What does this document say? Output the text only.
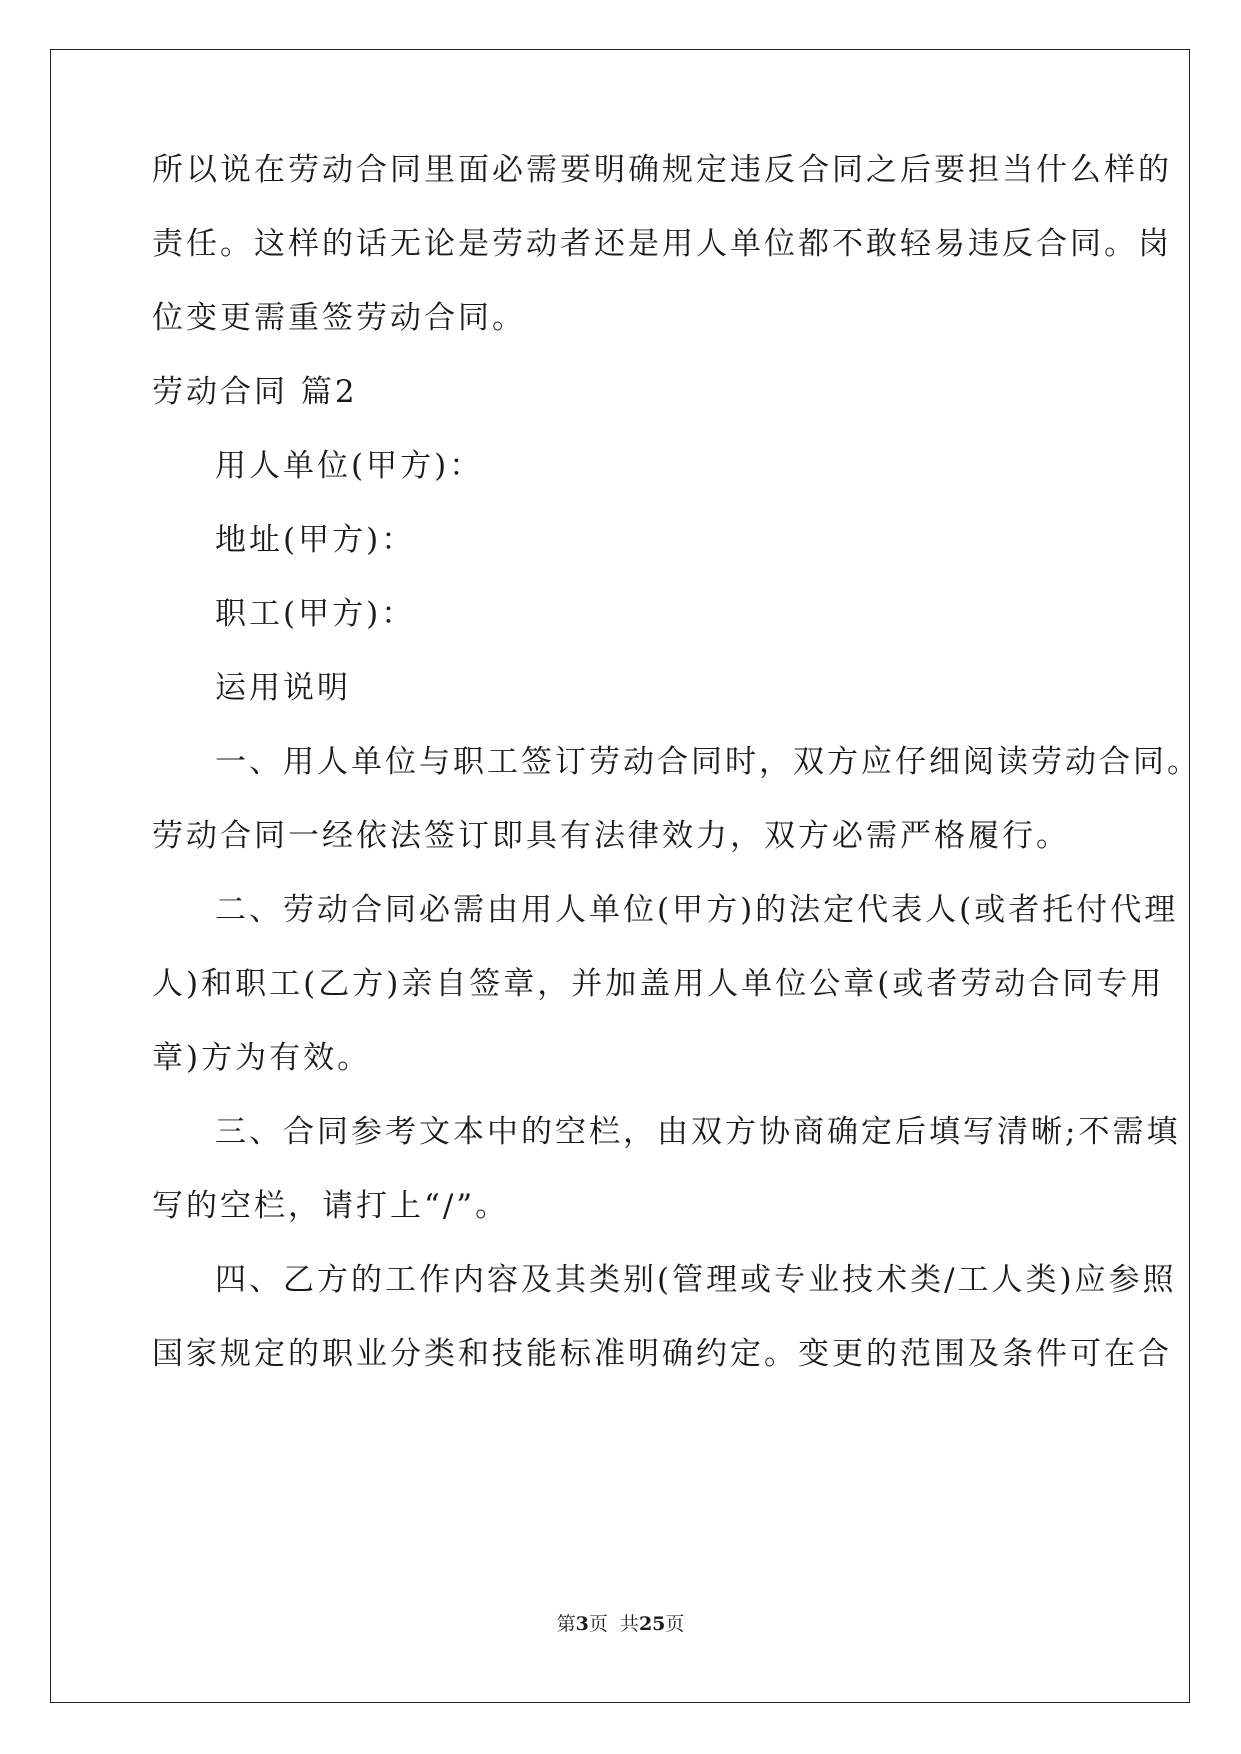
所以说在劳动合同里面必需要明确规定违反合同之后要担当什么样的
责任。这样的话无论是劳动者还是用人单位都不敢轻易违反合同。岗
位变更需重签劳动合同。
劳动合同 篇2
用人单位(甲方)：
地址(甲方)：
职工(甲方)：
运用说明
一、用人单位与职工签订劳动合同时，双方应仔细阅读劳动合同。
劳动合同一经依法签订即具有法律效力，双方必需严格履行。
二、劳动合同必需由用人单位(甲方)的法定代表人(或者托付代理
人)和职工(乙方)亲自签章，并加盖用人单位公章(或者劳动合同专用
章)方为有效。
三、合同参考文本中的空栏，由双方协商确定后填写清晰;不需填
写的空栏，请打上“/”。
四、乙方的工作内容及其类别(管理或专业技术类/工人类)应参照
国家规定的职业分类和技能标准明确约定。变更的范围及条件可在合
第3页  共25页
